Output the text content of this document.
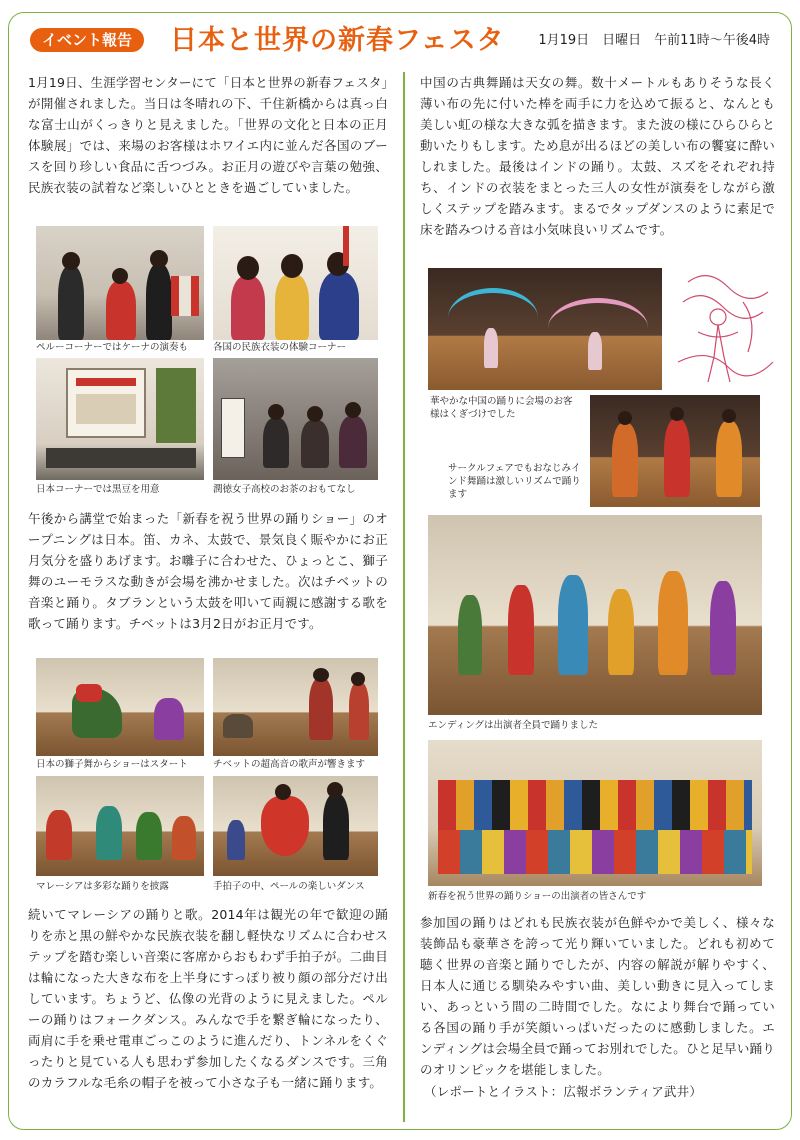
イベント報告	日本と世界の新春フェスタ	1月19日　日曜日　午前11時～午後4時
1月19日、生涯学習センターにて「日本と世界の新春フェスタ」が開催されました。当日は冬晴れの下、千住新橋からは真っ白な富士山がくっきりと見えました。「世界の文化と日本の正月体験展」では、来場のお客様はホワイエ内に並んだ各国のブースを回り珍しい食品に舌つづみ。お正月の遊びや言葉の勉強、民族衣装の試着など楽しいひとときを過ごしていました。
ペルーコーナーではケーナの演奏も	各国の民族衣装の体験コーナー
日本コーナーでは黒豆を用意	潤徳女子高校のお茶のおもてなし
午後から講堂で始まった「新春を祝う世界の踊りショー」のオープニングは日本。笛、カネ、太鼓で、景気良く賑やかにお正月気分を盛りあげます。お囃子に合わせた、ひょっとこ、獅子舞のユーモラスな動きが会場を沸かせました。次はチベットの音楽と踊り。タブランという太鼓を叩いて両親に感謝する歌を歌って踊ります。チベットは3月2日がお正月です。
日本の獅子舞からショーはスタート	チベットの超高音の歌声が響きます
マレーシアは多彩な踊りを披露	手拍子の中、ペールの楽しいダンス
続いてマレーシアの踊りと歌。2014年は観光の年で歓迎の踊りを赤と黒の鮮やかな民族衣装を翻し軽快なリズムに合わせステップを踏む楽しい音楽に客席からおもわず手拍子が。二曲目は輪になった大きな布を上半身にすっぽり被り顔の部分だけ出しています。ちょうど、仏像の光背のように見えました。ペルーの踊りはフォークダンス。みんなで手を繋ぎ輪になったり、両肩に手を乗せ電車ごっこのように進んだり、トンネルをくぐったりと見ている人も思わず参加したくなるダンスです。三角のカラフルな毛糸の帽子を被って小さな子も一緒に踊ります。
中国の古典舞踊は天女の舞。数十メートルもありそうな長く薄い布の先に付いた棒を両手に力を込めて振ると、なんとも美しい虹の様な大きな弧を描きます。また波の様にひらひらと動いたりもします。ため息が出るほどの美しい布の饗宴に酔いしれました。最後はインドの踊り。太鼓、スズをそれぞれ持ち、インドの衣装をまとった三人の女性が演奏をしながら激しくステップを踏みます。まるでタップダンスのように素足で床を踏みつける音は小気味良いリズムです。
華やかな中国の踊りに会場のお客様はくぎづけでした
サークルフェアでもおなじみインド舞踊は激しいリズムで踊ります
エンディングは出演者全員で踊りました
新春を祝う世界の踊りショーの出演者の皆さんです
参加国の踊りはどれも民族衣装が色鮮やかで美しく、様々な装飾品も豪華さを誇って光り輝いていました。どれも初めて聴く世界の音楽と踊りでしたが、内容の解説が解りやすく、日本人に通じる馴染みやすい曲、美しい動きに見入ってしまい、あっという間の二時間でした。なにより舞台で踊っている各国の踊り手が笑顔いっぱいだったのに感動しました。エンディングは会場全員で踊ってお別れでした。ひと足早い踊りのオリンピックを堪能しました。
（レポートとイラスト：広報ボランティア武井）
